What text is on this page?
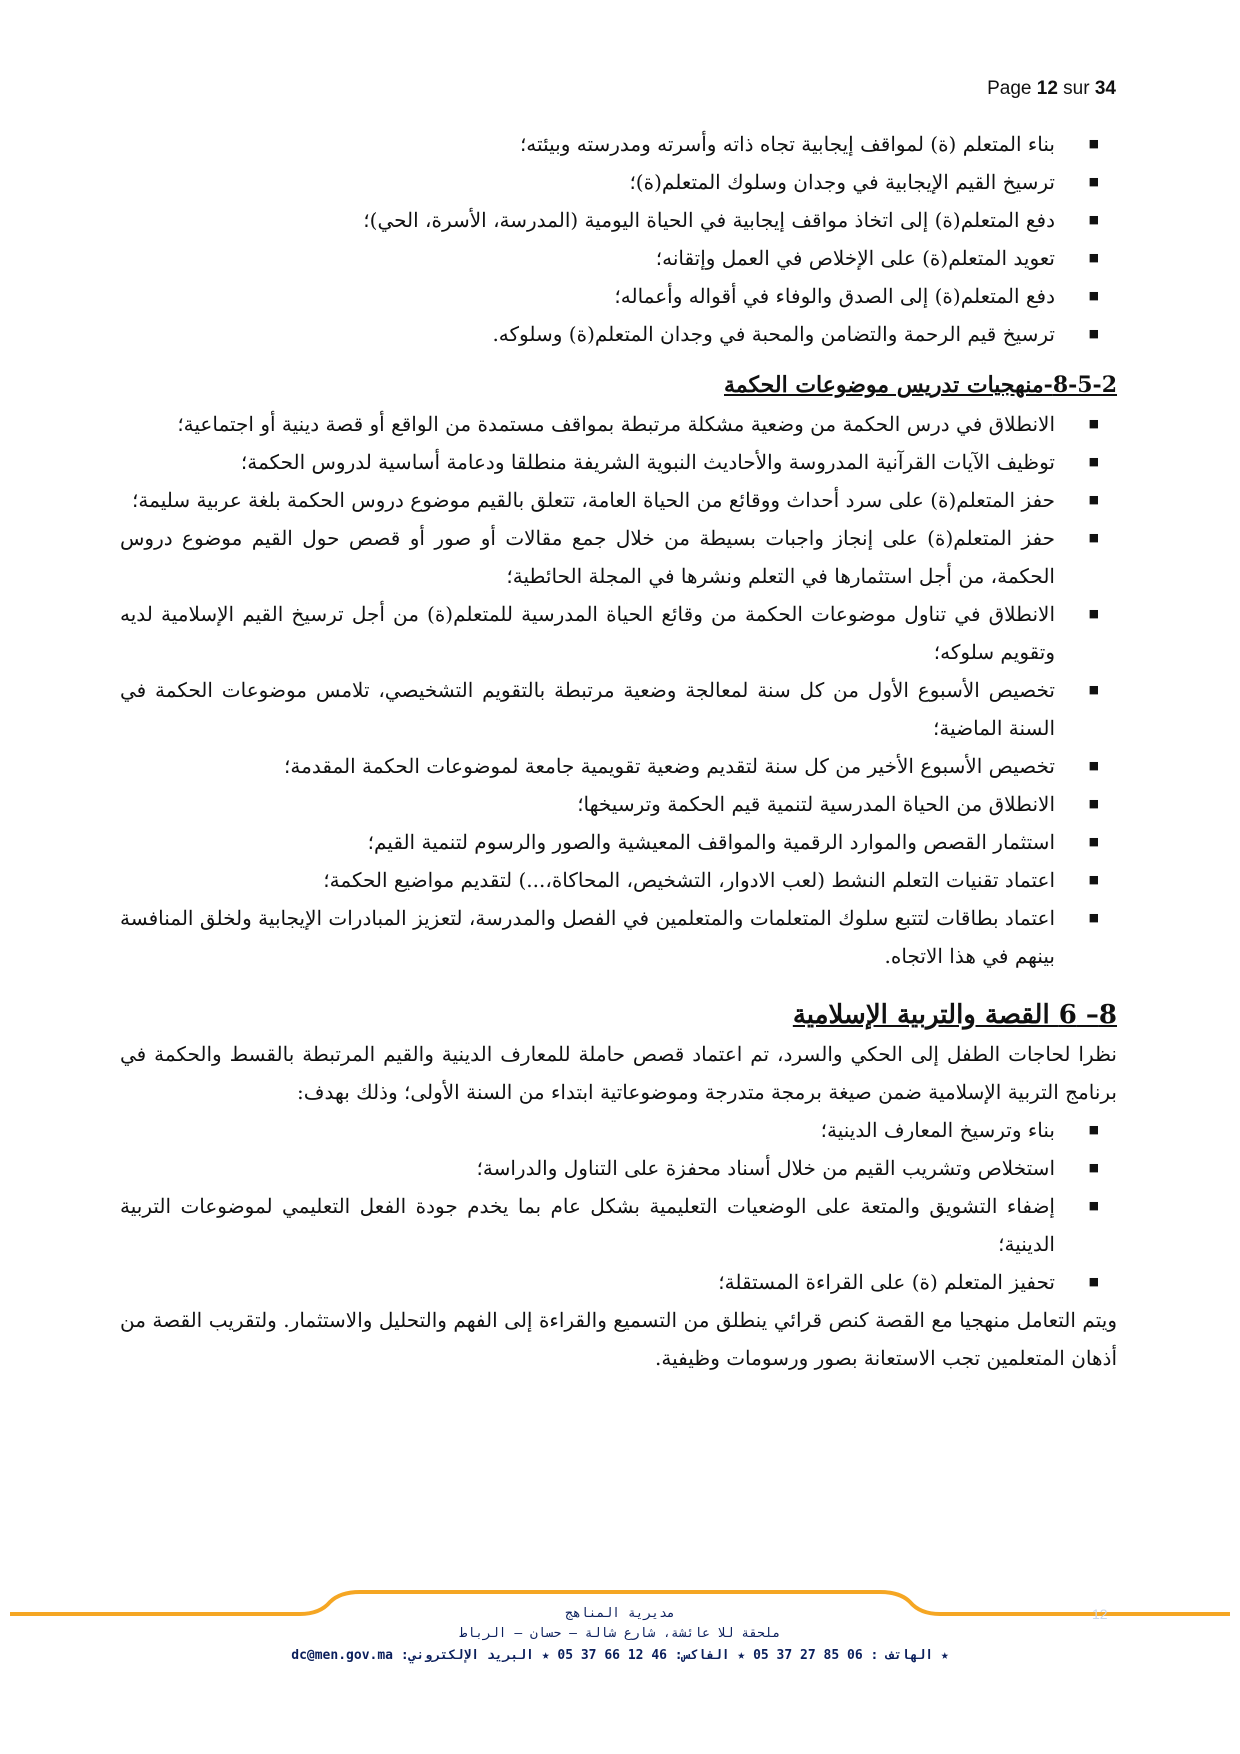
Page 12 sur 34
■ بناء المتعلم (ة) لمواقف إيجابية تجاه ذاته وأسرته ومدرسته وبيئته؛
■ ترسيخ القيم الإيجابية في وجدان وسلوك المتعلم(ة)؛
■ دفع المتعلم(ة) إلى اتخاذ مواقف إيجابية في الحياة اليومية (المدرسة، الأسرة، الحي)؛
■ تعويد المتعلم(ة) على الإخلاص في العمل وإتقانه؛
■ دفع المتعلم(ة) إلى الصدق والوفاء في أقواله وأعماله؛
■ ترسيخ قيم الرحمة والتضامن والمحبة في وجدان المتعلم(ة) وسلوكه.
8-5-2-منهجيات تدريس موضوعات الحكمة
■ الانطلاق في درس الحكمة من وضعية مشكلة مرتبطة بمواقف مستمدة من الواقع أو قصة دينية أو اجتماعية؛
■ توظيف الآيات القرآنية المدروسة والأحاديث النبوية الشريفة منطلقا ودعامة أساسية لدروس الحكمة؛
■ حفز المتعلم(ة) على سرد أحداث ووقائع من الحياة العامة، تتعلق بالقيم موضوع دروس الحكمة بلغة عربية سليمة؛
■ حفز المتعلم(ة) على إنجاز واجبات بسيطة من خلال جمع مقالات أو صور أو قصص حول القيم موضوع دروس الحكمة، من أجل استثمارها في التعلم ونشرها في المجلة الحائطية؛
■ الانطلاق في تناول موضوعات الحكمة من وقائع الحياة المدرسية للمتعلم(ة) من أجل ترسيخ القيم الإسلامية لديه وتقويم سلوكه؛
■ تخصيص الأسبوع الأول من كل سنة لمعالجة وضعية مرتبطة بالتقويم التشخيصي، تلامس موضوعات الحكمة في السنة الماضية؛
■ تخصيص الأسبوع الأخير من كل سنة لتقديم وضعية تقويمية جامعة لموضوعات الحكمة المقدمة؛
■ الانطلاق من الحياة المدرسية لتنمية قيم الحكمة وترسيخها؛
■ استثمار القصص والموارد الرقمية والمواقف المعيشية والصور والرسوم لتنمية القيم؛
■ اعتماد تقنيات التعلم النشط (لعب الادوار، التشخيص، المحاكاة،...) لتقديم مواضيع الحكمة؛
■ اعتماد بطاقات لتتبع سلوك المتعلمات والمتعلمين في الفصل والمدرسة، لتعزيز المبادرات الإيجابية ولخلق المنافسة بينهم في هذا الاتجاه.
8– 6 القصة والتربية الإسلامية

نظرا لحاجات الطفل إلى الحكي والسرد، تم اعتماد قصص حاملة للمعارف الدينية والقيم المرتبطة بالقسط والحكمة في برنامج التربية الإسلامية ضمن صيغة برمجة متدرجة وموضوعاتية ابتداء من السنة الأولى؛ وذلك بهدف:

■ بناء وترسيخ المعارف الدينية؛
■ استخلاص وتشريب القيم من خلال أسناد محفزة على التناول والدراسة؛
■ إضفاء التشويق والمتعة على الوضعيات التعليمية بشكل عام بما يخدم جودة الفعل التعليمي لموضوعات التربية الدينية؛
■ تحفيز المتعلم (ة) على القراءة المستقلة؛

ويتم التعامل منهجيا مع القصة كنص قرائي ينطلق من التسميع والقراءة إلى الفهم والتحليل والاستثمار. ولتقريب القصة من أذهان المتعلمين تجب الاستعانة بصور ورسومات وظيفية.

مديرية المناهج
ملحقة للا عائشة، شارع شالة – حسان – الرباط
★ الهاتف : 06 85 27 37 05 ★ الفاكس: 46 12 66 37 05 ★ البريد الإلكتروني: dc@men.gov.ma
12
